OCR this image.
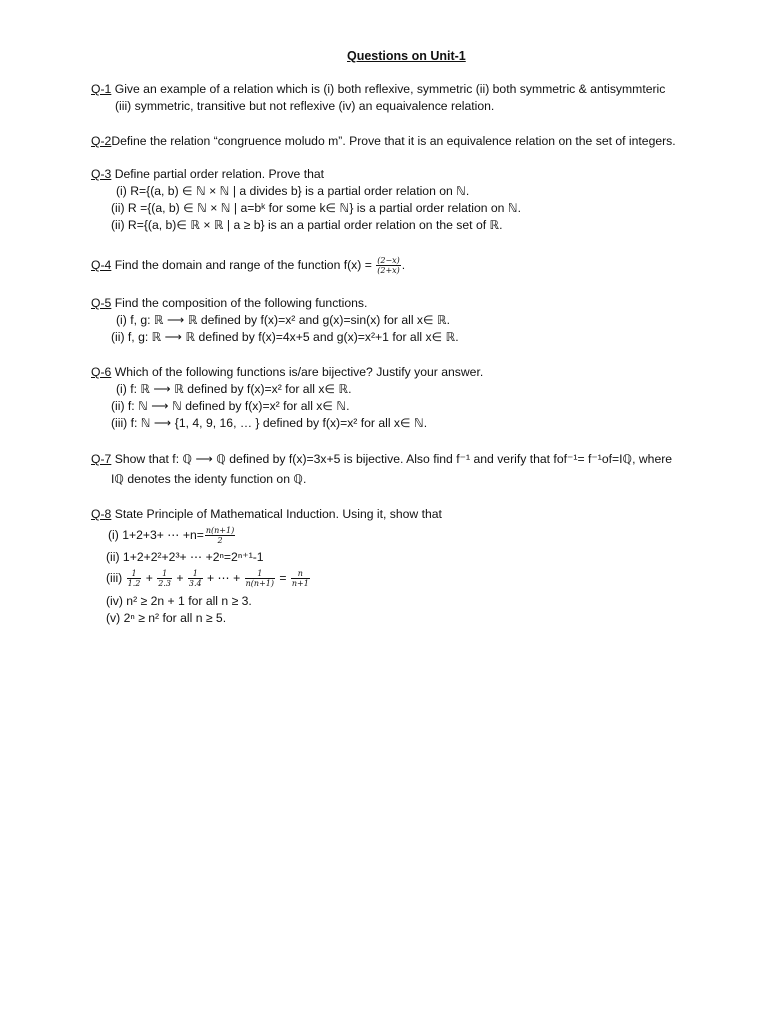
Questions on Unit-1
Q-1 Give an example of a relation which is (i) both reflexive, symmetric (ii) both symmetric & antisymmteric
(iii) symmetric, transitive but not reflexive (iv) an equaivalence relation.
Q-2Define the relation “congruence moludo m”. Prove that it is an equivalence relation on the set of integers.
Q-3 Define partial order relation. Prove that
(i) R={(a, b) ∈ ℕ × ℕ | a divides b} is a partial order relation on ℕ.
(ii) R ={(a, b) ∈ ℕ × ℕ | a=bᵏ for some k∈ ℕ} is a partial order relation on ℕ.
(ii) R={(a, b)∈ ℝ × ℝ | a ≥ b} is an a partial order relation on the set of ℝ.
Q-4 Find the domain and range of the function $f(x) = \frac{(2-x)}{(2+x)}$ .
Q-5 Find the composition of the following functions.
(i) f, g: ℝ ⟶ ℝ defined by f(x)=x² and g(x)=sin(x) for all x∈ ℝ.
(ii) f, g: ℝ ⟶ ℝ defined by f(x)=4x+5 and g(x)=x²+1 for all x∈ ℝ.
Q-6 Which of the following functions is/are bijective? Justify your answer.
(i) f: ℝ ⟶ ℝ defined by f(x)=x² for all x∈ ℝ.
(ii) f: ℕ ⟶ ℕ defined by f(x)=x² for all x∈ ℕ.
(iii) f: ℕ ⟶ {1, 4, 9, 16, … } defined by f(x)=x² for all x∈ ℕ.
Q-7 Show that f: ℚ ⟶ ℚ defined by f(x)=3x+5 is bijective. Also find f⁻¹ and verify that fof⁻¹= f⁻¹of=Iℚ, where
Iℚ denotes the identy function on ℚ.
Q-8 State Principle of Mathematical Induction. Using it, show that
(i) 1+2+3+ ⋯ $+n= \frac{n(n+1)}{2}$
(ii) 1+2+2²+2³+ ⋯ +2ⁿ=2ⁿ⁺¹-1
$(iii) \frac{1}{1.2} + \frac{1}{2.3} + \frac{1}{3.4}$ + ⋯ + $\frac{1}{n(n+1)} = \frac{n}{n+1}$
(iv) n² ≥ 2n + 1 for all n ≥ 3.
(v) 2ⁿ ≥ n² for all n ≥ 5.
